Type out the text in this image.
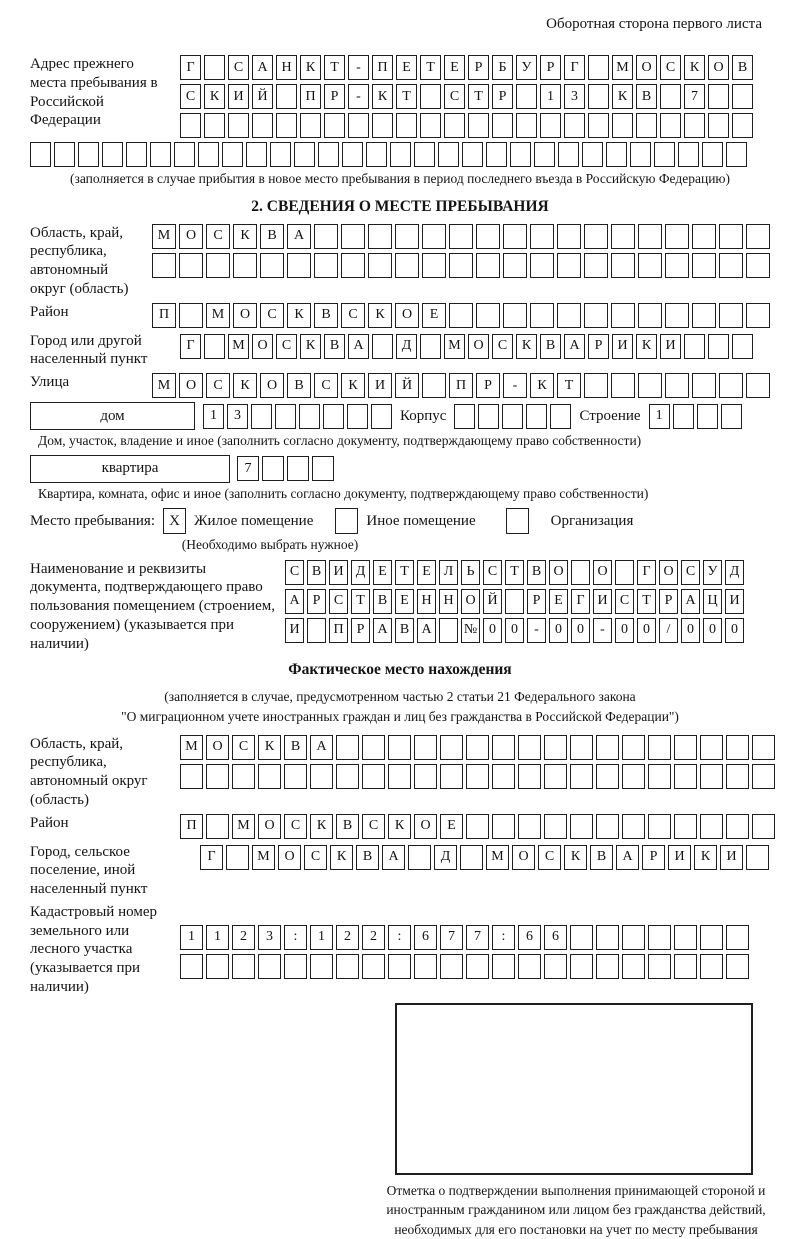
Оборотная сторона первого листа
Адрес прежнего места пребывания в Российской Федерации
Г	С	А Н	К	Т	-	П	Е	Т	Е	Р	Б	У	Р	Г	М О	С	К	О	В
С	К	И Й	П	Р	-	К	Т	С	Т	Р	1	3	К	В	7
(заполняется в случае прибытия в новое место пребывания в период последнего въезда в Российскую Федерацию)
2. СВЕДЕНИЯ О МЕСТЕ ПРЕБЫВАНИЯ
Область, край, республика, автономный округ (область)
М	О	С	К	В	А
Район	П	М	О	С	К	В	С	К	О	Е
Город или другой населенный пункт
Г	М О	С	К	В	А	Д	М О	С	К	В	А	Р	И	К	И
Улица	М	О	С	К	О	В	С	К	И	Й	П	Р	-	К	Т
дом	1	3	Корпус	Строение	1
Дом, участок, владение и иное (заполнить согласно документу, подтверждающему право собственности)
квартира	7
Квартира, комната, офис и иное (заполнить согласно документу, подтверждающему право собственности)
Место пребывания: X Жилое помещение	Иное помещение	Организация
(Необходимо выбрать нужное)
Наименование и реквизиты документа, подтверждающего право пользования помещением (строением, сооружением) (указывается при наличии)
С В И Д Е Т Е Л Ь С Т В О	О	Г О С У Д
А Р С Т В Е Н Н О Й	Р Е Г И С Т Р А Ц И
И	П Р А В А	№ 0	0	-	0	0	-	0	0	/	0	0	0
Фактическое место нахождения
(заполняется в случае, предусмотренном частью 2 статьи 21 Федерального закона
"О миграционном учете иностранных граждан и лиц без гражданства в Российской Федерации")
Область, край, республика, автономный округ (область)
М	О	С	К	В	А
Район	П	М	О	С	К	В	С	К	О	Е
Город, сельское поселение, иной населенный пункт
Г	М	О	С	К	В	А	Д	М	О	С	К	В	А	Р	И	К	И
Кадастровый номер земельного или лесного участка (указывается при наличии)
1	1	2	3	:	1	2	2	:	6	7	7	:	6	6
Отметка о подтверждении выполнения принимающей стороной и иностранным гражданином или лицом без гражданства действий, необходимых для его постановки на учет по месту пребывания
